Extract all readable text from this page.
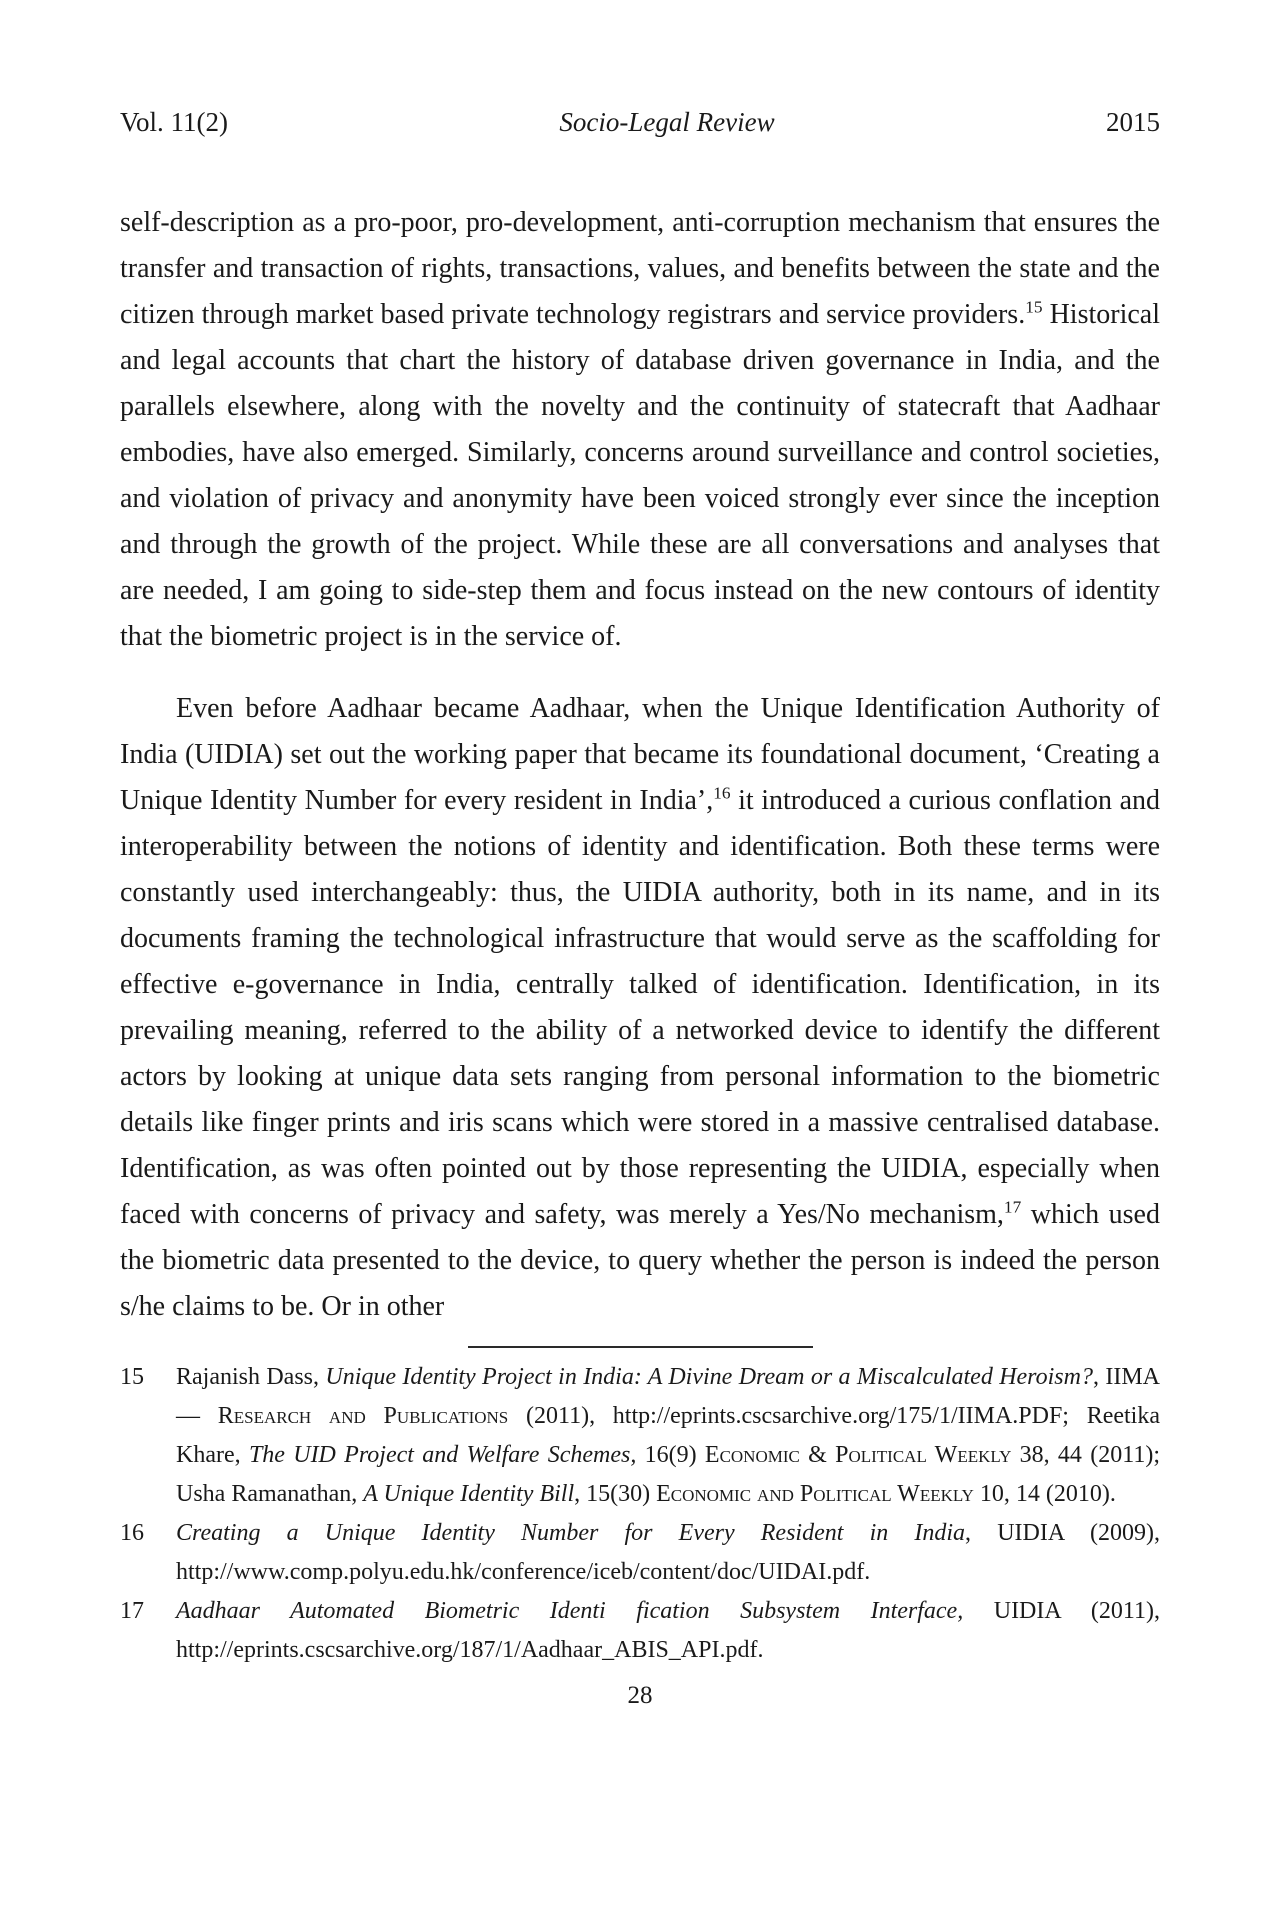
Vol. 11(2)	Socio-Legal Review	2015

self-description as a pro-poor, pro-development, anti-corruption mechanism that ensures the transfer and transaction of rights, transactions, values, and benefits between the state and the citizen through market based private technology registrars and service providers.$^{15}$ Historical and legal accounts that chart the history of database driven governance in India, and the parallels elsewhere, along with the novelty and the continuity of statecraft that Aadhaar embodies, have also emerged. Similarly, concerns around surveillance and control societies, and violation of privacy and anonymity have been voiced strongly ever since the inception and through the growth of the project. While these are all conversations and analyses that are needed, I am going to side-step them and focus instead on the new contours of identity that the biometric project is in the service of.

Even before Aadhaar became Aadhaar, when the Unique Identification Authority of India (UIDIA) set out the working paper that became its foundational document, ‘Creating a Unique Identity Number for every resident in India’,$^{16}$ it introduced a curious conflation and interoperability between the notions of identity and identification. Both these terms were constantly used interchangeably: thus, the UIDIA authority, both in its name, and in its documents framing the technological infrastructure that would serve as the scaffolding for effective e-governance in India, centrally talked of identification. Identification, in its prevailing meaning, referred to the ability of a networked device to identify the different actors by looking at unique data sets ranging from personal information to the biometric details like finger prints and iris scans which were stored in a massive centralised database. Identification, as was often pointed out by those representing the UIDIA, especially when faced with concerns of privacy and safety, was merely a Yes/No mechanism,$^{17}$ which used the biometric data presented to the device, to query whether the person is indeed the person s/he claims to be. Or in other

15	Rajanish Dass, Unique Identity Project in India: A Divine Dream or a Miscalculated Heroism?, IIMA — Research and Publications (2011), http://eprints.cscsarchive.org/175/1/IIMA.PDF; Reetika Khare, The UID Project and Welfare Schemes, 16(9) Economic & Political Weekly 38, 44 (2011); Usha Ramanathan, A Unique Identity Bill, 15(30) Economic and Political Weekly 10, 14 (2010).
16	Creating a Unique Identity Number for Every Resident in India, UIDIA (2009), http://www.comp.polyu.edu.hk/conference/iceb/content/doc/UIDAI.pdf.
17	Aadhaar Automated Biometric Identi fication Subsystem Interface, UIDIA (2011), http://eprints.cscsarchive.org/187/1/Aadhaar_ABIS_API.pdf.
28
